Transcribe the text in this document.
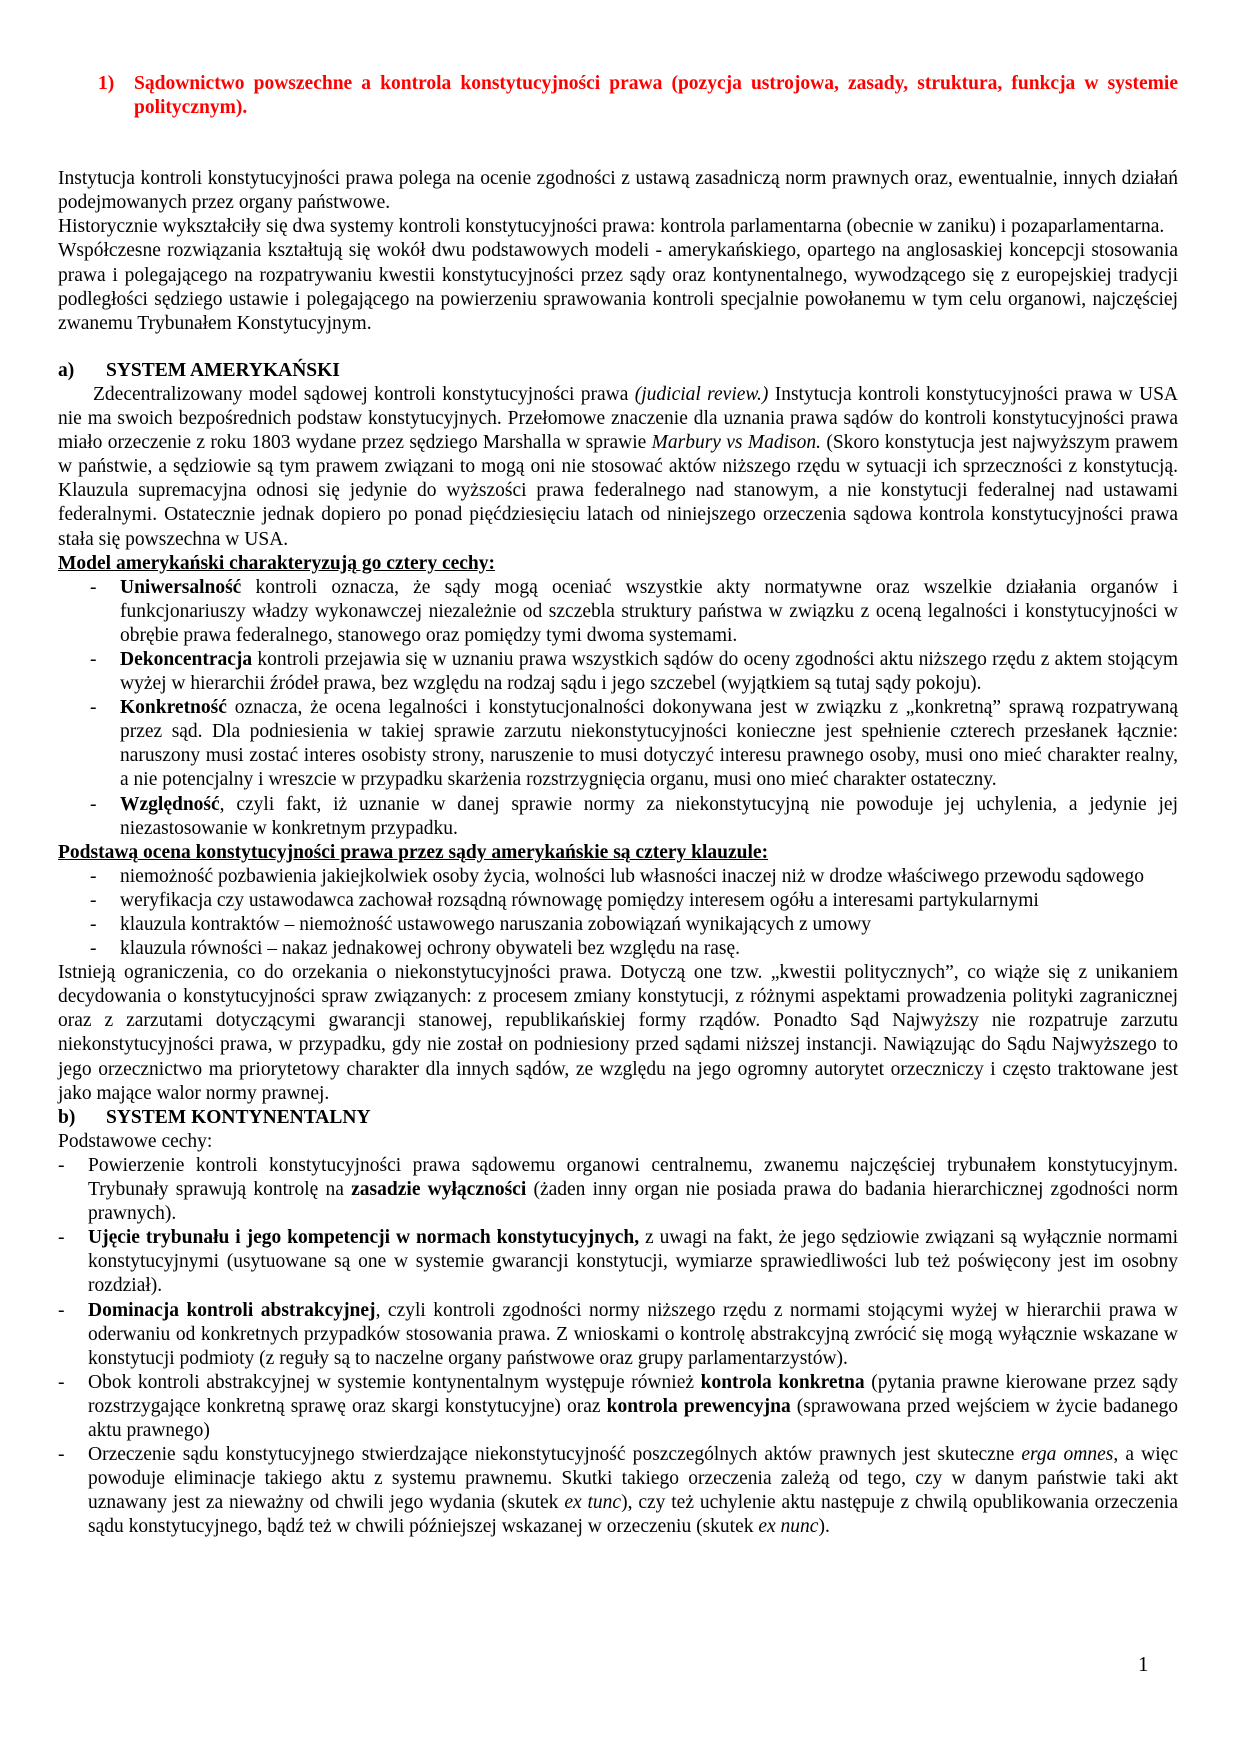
1) Sądownictwo powszechne a kontrola konstytucyjności prawa (pozycja ustrojowa, zasady, struktura, funkcja w systemie politycznym).

Instytucja kontroli konstytucyjności prawa polega na ocenie zgodności z ustawą zasadniczą norm prawnych oraz, ewentualnie, innych działań podejmowanych przez organy państwowe.

Historycznie wykształciły się dwa systemy kontroli konstytucyjności prawa: kontrola parlamentarna (obecnie w zaniku) i pozaparlamentarna.

Współczesne rozwiązania kształtują się wokół dwu podstawowych modeli - amerykańskiego, opartego na anglosaskiej koncepcji stosowania prawa i polegającego na rozpatrywaniu kwestii konstytucyjności przez sądy oraz kontynentalnego, wywodzącego się z europejskiej tradycji podległości sędziego ustawie i polegającego na powierzeniu sprawowania kontroli specjalnie powołanemu w tym celu organowi, najczęściej zwanemu Trybunałem Konstytucyjnym.

a) SYSTEM AMERYKAŃSKI

Zdecentralizowany model sądowej kontroli konstytucyjności prawa (judicial review.) Instytucja kontroli konstytucyjności prawa w USA nie ma swoich bezpośrednich podstaw konstytucyjnych. Przełomowe znaczenie dla uznania prawa sądów do kontroli konstytucyjności prawa miało orzeczenie z roku 1803 wydane przez sędziego Marshalla w sprawie Marbury vs Madison. (Skoro konstytucja jest najwyższym prawem w państwie, a sędziowie są tym prawem związani to mogą oni nie stosować aktów niższego rzędu w sytuacji ich sprzeczności z konstytucją. Klauzula supremacyjna odnosi się jedynie do wyższości prawa federalnego nad stanowym, a nie konstytucji federalnej nad ustawami federalnymi. Ostatecznie jednak dopiero po ponad pięćdziesięciu latach od niniejszego orzeczenia sądowa kontrola konstytucyjności prawa stała się powszechna w USA.

Model amerykański charakteryzują go cztery cechy:

- Uniwersalność kontroli oznacza, że sądy mogą oceniać wszystkie akty normatywne oraz wszelkie działania organów i funkcjonariuszy władzy wykonawczej niezależnie od szczebla struktury państwa w związku z oceną legalności i konstytucyjności w obrębie prawa federalnego, stanowego oraz pomiędzy tymi dwoma systemami.
- Dekoncentracja kontroli przejawia się w uznaniu prawa wszystkich sądów do oceny zgodności aktu niższego rzędu z aktem stojącym wyżej w hierarchii źródeł prawa, bez względu na rodzaj sądu i jego szczebel (wyjątkiem są tutaj sądy pokoju).
- Konkretność oznacza, że ocena legalności i konstytucjonalności dokonywana jest w związku z „konkretną” sprawą rozpatrywaną przez sąd. Dla podniesienia w takiej sprawie zarzutu niekonstytucyjności konieczne jest spełnienie czterech przesłanek łącznie: naruszony musi zostać interes osobisty strony, naruszenie to musi dotyczyć interesu prawnego osoby, musi ono mieć charakter realny, a nie potencjalny i wreszcie w przypadku skarżenia rozstrzygnięcia organu, musi ono mieć charakter ostateczny.
- Względność, czyli fakt, iż uznanie w danej sprawie normy za niekonstytucyjną nie powoduje jej uchylenia, a jedynie jej niezastosowanie w konkretnym przypadku.

Podstawą ocena konstytucyjności prawa przez sądy amerykańskie są cztery klauzule:

- niemożność pozbawienia jakiejkolwiek osoby życia, wolności lub własności inaczej niż w drodze właściwego przewodu sądowego
- weryfikacja czy ustawodawca zachował rozsądną równowagę pomiędzy interesem ogółu a interesami partykularnymi
- klauzula kontraktów – niemożność ustawowego naruszania zobowiązań wynikających z umowy
- klauzula równości – nakaz jednakowej ochrony obywateli bez względu na rasę.

Istnieją ograniczenia, co do orzekania o niekonstytucyjności prawa. Dotyczą one tzw. „kwestii politycznych”, co wiąże się z unikaniem decydowania o konstytucyjności spraw związanych: z procesem zmiany konstytucji, z różnymi aspektami prowadzenia polityki zagranicznej oraz z zarzutami dotyczącymi gwarancji stanowej, republikańskiej formy rządów. Ponadto Sąd Najwyższy nie rozpatruje zarzutu niekonstytucyjności prawa, w przypadku, gdy nie został on podniesiony przed sądami niższej instancji. Nawiązując do Sądu Najwyższego to jego orzecznictwo ma priorytetowy charakter dla innych sądów, ze względu na jego ogromny autorytet orzeczniczy i często traktowane jest jako mające walor normy prawnej.

b) SYSTEM KONTYNENTALNY

Podstawowe cechy:

- Powierzenie kontroli konstytucyjności prawa sądowemu organowi centralnemu, zwanemu najczęściej trybunałem konstytucyjnym. Trybunały sprawują kontrolę na zasadzie wyłączności (żaden inny organ nie posiada prawa do badania hierarchicznej zgodności norm prawnych).
- Ujęcie trybunału i jego kompetencji w normach konstytucyjnych, z uwagi na fakt, że jego sędziowie związani są wyłącznie normami konstytucyjnymi (usytuowane są one w systemie gwarancji konstytucji, wymiarze sprawiedliwości lub też poświęcony jest im osobny rozdział).
- Dominacja kontroli abstrakcyjnej, czyli kontroli zgodności normy niższego rzędu z normami stojącymi wyżej w hierarchii prawa w oderwaniu od konkretnych przypadków stosowania prawa. Z wnioskami o kontrolę abstrakcyjną zwrócić się mogą wyłącznie wskazane w konstytucji podmioty (z reguły są to naczelne organy państwowe oraz grupy parlamentarzystów).
- Obok kontroli abstrakcyjnej w systemie kontynentalnym występuje również kontrola konkretna (pytania prawne kierowane przez sądy rozstrzygające konkretną sprawę oraz skargi konstytucyjne) oraz kontrola prewencyjna (sprawowana przed wejściem w życie badanego aktu prawnego)
- Orzeczenie sądu konstytucyjnego stwierdzające niekonstytucyjność poszczególnych aktów prawnych jest skuteczne erga omnes, a więc powoduje eliminacje takiego aktu z systemu prawnemu. Skutki takiego orzeczenia zależą od tego, czy w danym państwie taki akt uznawany jest za nieważny od chwili jego wydania (skutek ex tunc), czy też uchylenie aktu następuje z chwilą opublikowania orzeczenia sądu konstytucyjnego, bądź też w chwili późniejszej wskazanej w orzeczeniu (skutek ex nunc).
1
